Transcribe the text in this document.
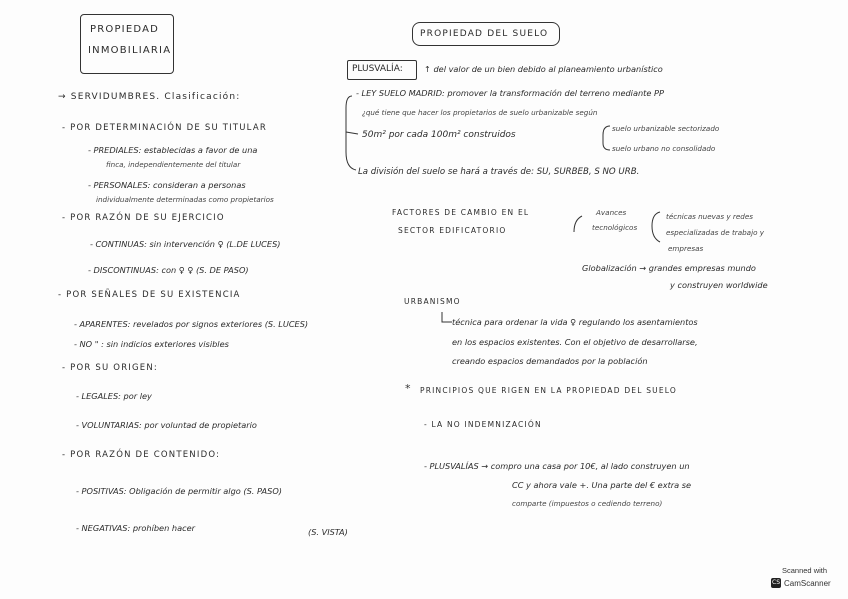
PROPIEDAD
INMOBILIARIA
→ SERVIDUMBRES. Clasificación:
- POR DETERMINACIÓN DE SU TITULAR
- PREDIALES: establecidas a favor de una
finca, independientemente del titular
- PERSONALES: consideran a personas
individualmente determinadas como propietarios
- POR RAZÓN DE SU EJERCICIO
- CONTINUAS: sin intervención ♀ (L.DE LUCES)
- DISCONTINUAS: con ♀ ♀ (S. DE PASO)
- POR SEÑALES DE SU EXISTENCIA
- APARENTES: revelados por signos exteriores (S. LUCES)
- NO " : sin indicios exteriores visibles
- POR SU ORIGEN:
- LEGALES: por ley
- VOLUNTARIAS: por voluntad de propietario
- POR RAZÓN DE CONTENIDO:
- POSITIVAS: Obligación de permitir algo (S. PASO)
- NEGATIVAS: prohíben hacer	(S. VISTA)
PROPIEDAD DEL SUELO
PLUSVALÍA:	↑ del valor de un bien debido al planeamiento urbanístico
- LEY SUELO MADRID: promover la transformación del terreno mediante PP
¿qué tiene que hacer los propietarios de suelo urbanizable según
50m² por cada 100m² construidos
suelo urbanizable sectorizado
suelo urbano no consolidado
La división del suelo se hará a través de: SU, SURBEB, S NO URB.
FACTORES DE CAMBIO EN EL
SECTOR EDIFICATORIO
Avances
tecnológicos
técnicas nuevas y redes
especializadas de trabajo y
empresas
Globalización → grandes empresas mundo
y construyen worldwide
URBANISMO
técnica para ordenar la vida ♀ regulando los asentamientos
en los espacios existentes. Con el objetivo de desarrollarse,
creando espacios demandados por la población
PRINCIPIOS QUE RIGEN EN LA PROPIEDAD DEL SUELO
- LA NO INDEMNIZACIÓN
- PLUSVALÍAS → compro una casa por 10€, al lado construyen un
CC y ahora vale +. Una parte del € extra se
comparte (impuestos o cediendo terreno)
*
Scanned with
CS CamScanner
